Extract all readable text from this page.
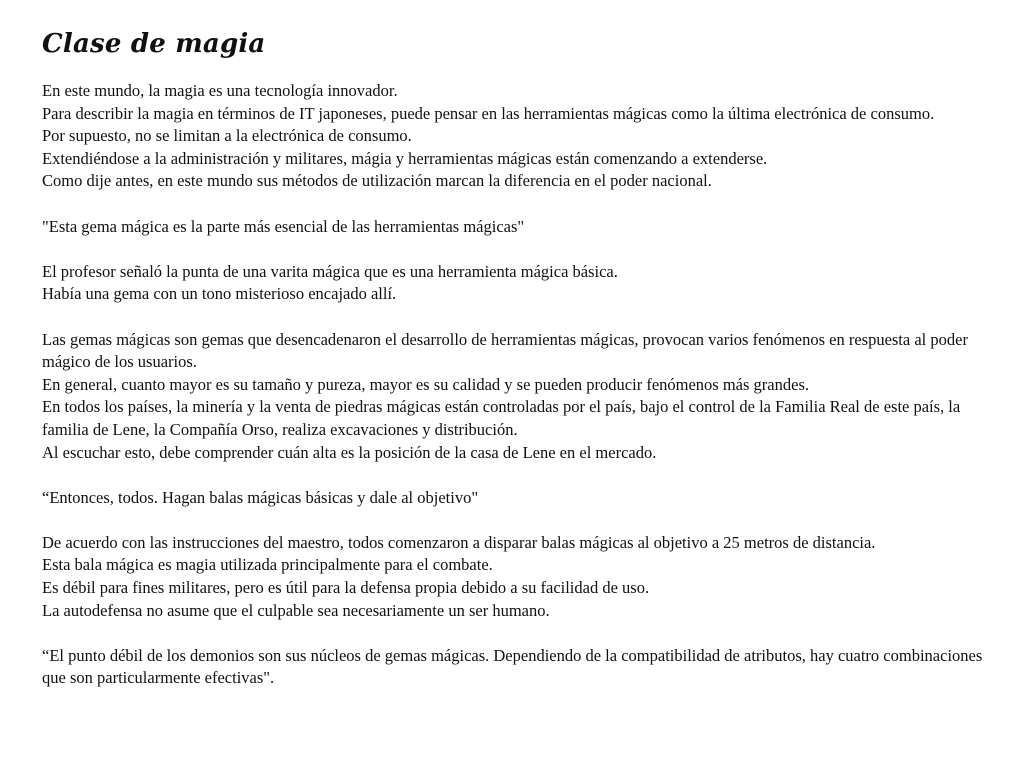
Clase de magia
En este mundo, la magia es una tecnología innovador.
Para describir la magia en términos de IT japoneses, puede pensar en las herramientas mágicas como la última electrónica de consumo.
Por supuesto, no se limitan a la electrónica de consumo.
Extendiéndose a la administración y militares, mágia y herramientas mágicas están comenzando a extenderse.
Como dije antes, en este mundo sus métodos de utilización marcan la diferencia en el poder nacional.
"Esta gema mágica es la parte más esencial de las herramientas mágicas"
El profesor señaló la punta de una varita mágica que es una herramienta mágica básica.
Había una gema con un tono misterioso encajado allí.
Las gemas mágicas son gemas que desencadenaron el desarrollo de herramientas mágicas, provocan varios fenómenos en respuesta al poder mágico de los usuarios.
En general, cuanto mayor es su tamaño y pureza, mayor es su calidad y se pueden producir fenómenos más grandes.
En todos los países, la minería y la venta de piedras mágicas están controladas por el país, bajo el control de la Familia Real de este país, la familia de Lene, la Compañía Orso, realiza excavaciones y distribución.
Al escuchar esto, debe comprender cuán alta es la posición de la casa de Lene en el mercado.
“Entonces, todos. Hagan balas mágicas básicas y dale al objetivo"
De acuerdo con las instrucciones del maestro, todos comenzaron a disparar balas mágicas al objetivo a 25 metros de distancia.
Esta bala mágica es magia utilizada principalmente para el combate.
Es débil para fines militares, pero es útil para la defensa propia debido a su facilidad de uso.
La autodefensa no asume que el culpable sea necesariamente un ser humano.
“El punto débil de los demonios son sus núcleos de gemas mágicas. Dependiendo de la compatibilidad de atributos, hay cuatro combinaciones que son particularmente efectivas".
